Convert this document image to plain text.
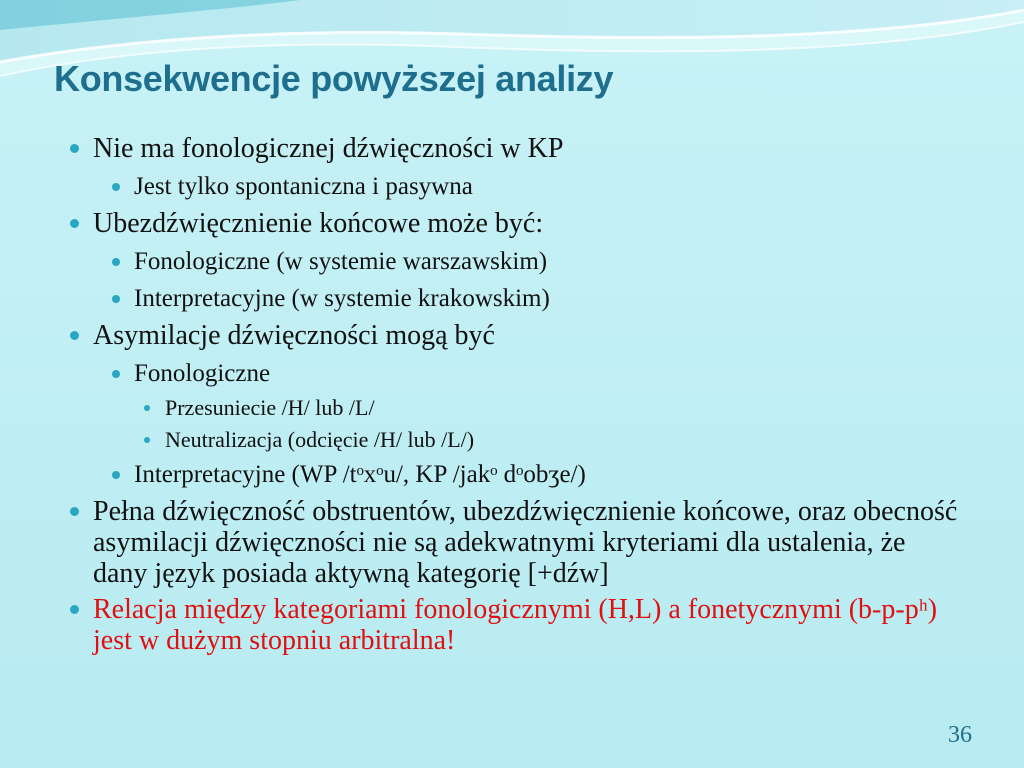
Konsekwencje powyższej analizy
Nie ma fonologicznej dźwięczności w KP
Jest tylko spontaniczna i pasywna
Ubezdźwięcznienie końcowe może być:
Fonologiczne (w systemie warszawskim)
Interpretacyjne (w systemie krakowskim)
Asymilacje dźwięczności mogą być
Fonologiczne
Przesuniecie /H/ lub /L/
Neutralizacja (odcięcie /H/ lub /L/)
Interpretacyjne (WP /tᵒxᵒu/, KP /jakᵒ dᵒobʒe/)
Pełna dźwięczność obstruentów, ubezdźwięcznienie końcowe, oraz obecność asymilacji dźwięczności nie są adekwatnymi kryteriami dla ustalenia, że dany język posiada aktywną kategorię [+dźw]
Relacja między kategoriami fonologicznymi (H,L) a fonetycznymi (b-p-pʰ) jest w dużym stopniu arbitralna!
36
